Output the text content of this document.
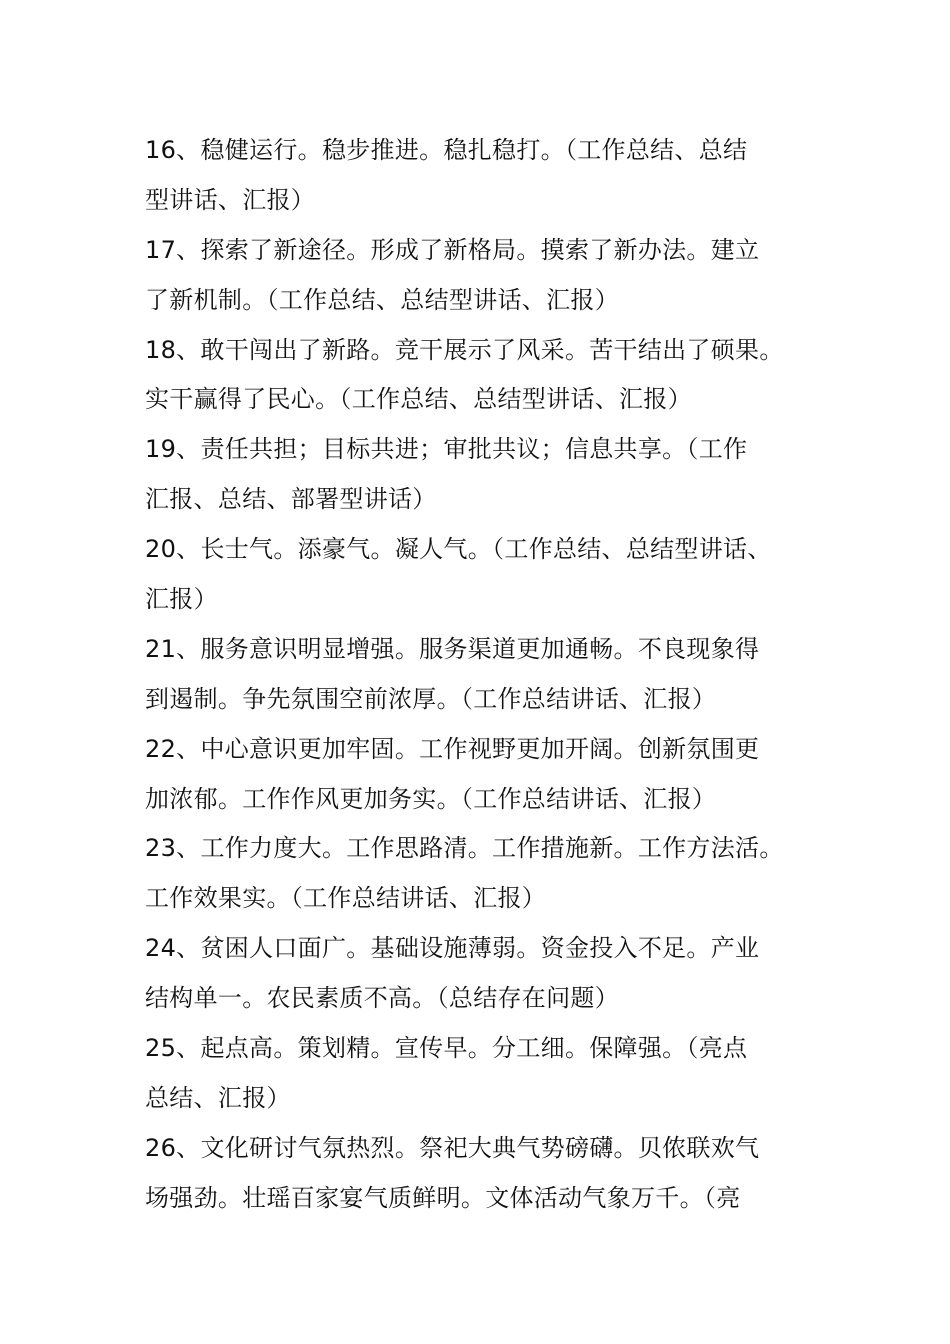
16、稳健运行。稳步推进。稳扎稳打。（工作总结、总结
型讲话、汇报）
17、探索了新途径。形成了新格局。摸索了新办法。建立
了新机制。（工作总结、总结型讲话、汇报）
18、敢干闯出了新路。竞干展示了风采。苦干结出了硕果。
实干赢得了民心。（工作总结、总结型讲话、汇报）
19、责任共担；目标共进；审批共议；信息共享。（工作
汇报、总结、部署型讲话）
20、长士气。添豪气。凝人气。（工作总结、总结型讲话、
汇报）
21、服务意识明显增强。服务渠道更加通畅。不良现象得
到遏制。争先氛围空前浓厚。（工作总结讲话、汇报）
22、中心意识更加牢固。工作视野更加开阔。创新氛围更
加浓郁。工作作风更加务实。（工作总结讲话、汇报）
23、工作力度大。工作思路清。工作措施新。工作方法活。
工作效果实。（工作总结讲话、汇报）
24、贫困人口面广。基础设施薄弱。资金投入不足。产业
结构单一。农民素质不高。（总结存在问题）
25、起点高。策划精。宣传早。分工细。保障强。（亮点
总结、汇报）
26、文化研讨气氛热烈。祭祀大典气势磅礴。贝侬联欢气
场强劲。壮瑶百家宴气质鲜明。文体活动气象万千。（亮
